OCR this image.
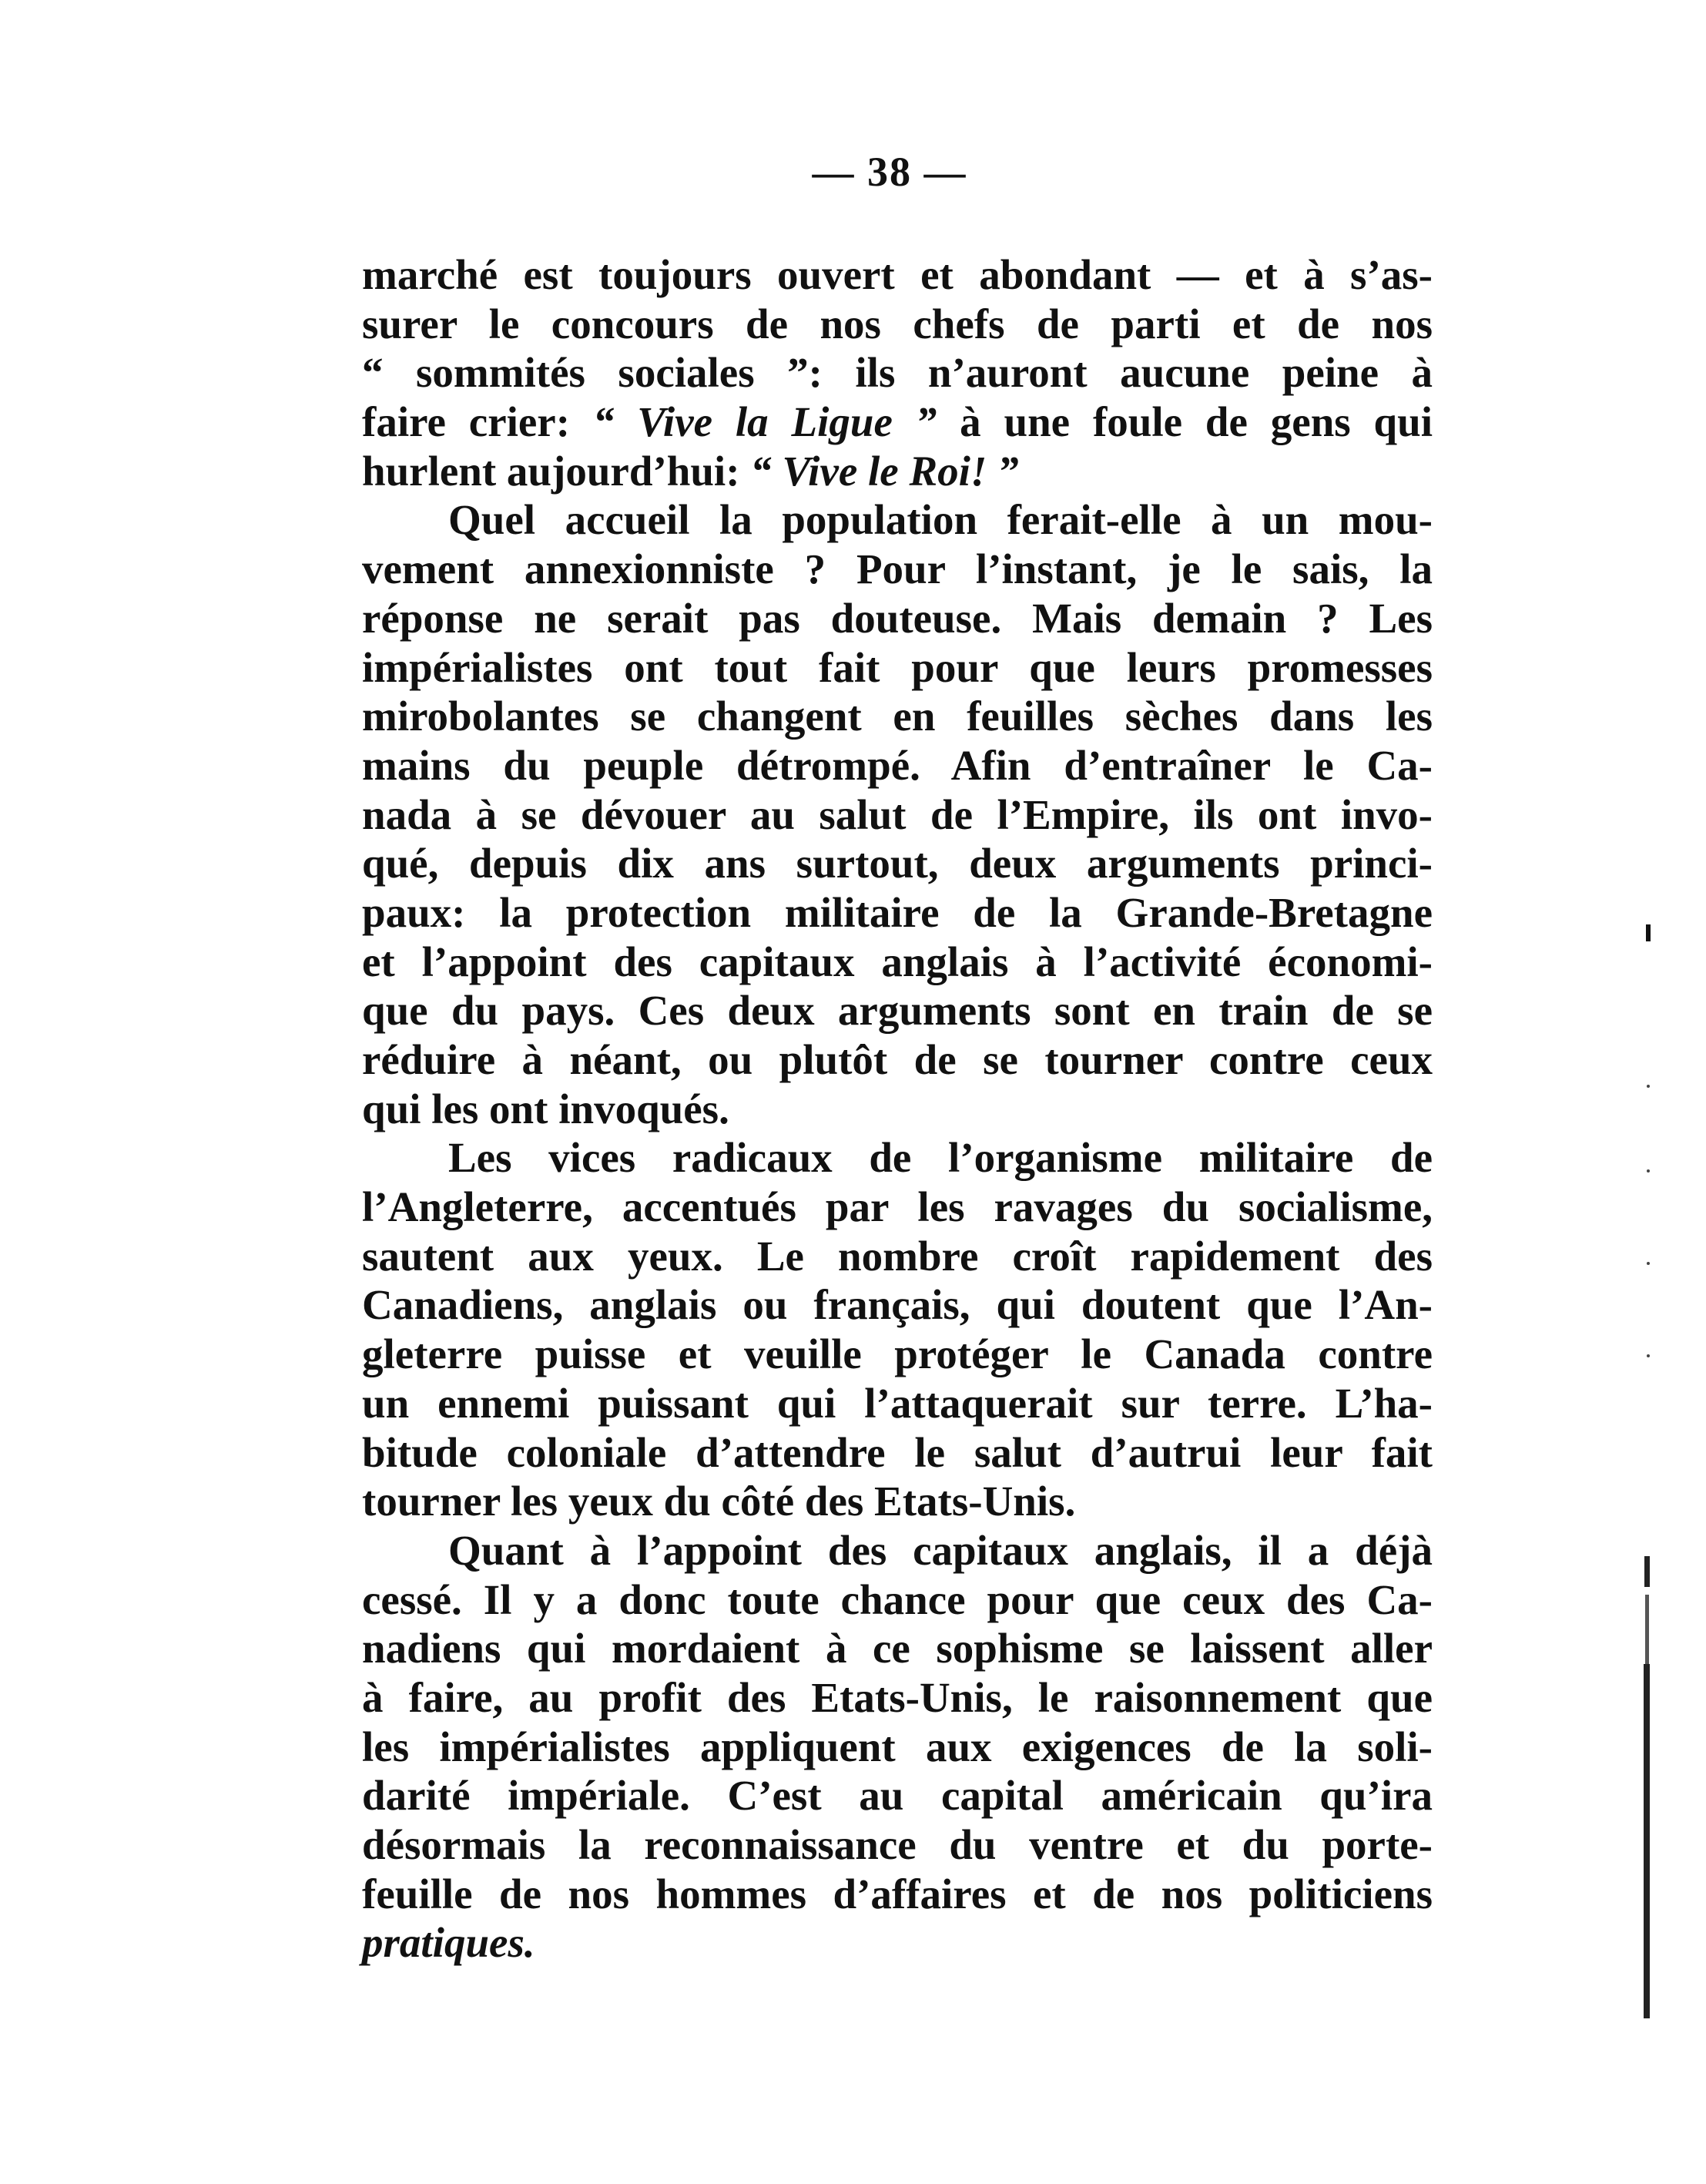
— 38 —
marché est toujours ouvert et abondant — et à s’as-
surer le concours de nos chefs de parti et de nos
“ sommités sociales ”: ils n’auront aucune peine à
faire crier: “ Vive la Ligue ” à une foule de gens qui
hurlent aujourd’hui: “ Vive le Roi! ”
Quel accueil la population ferait-elle à un mou-
vement annexionniste ? Pour l’instant, je le sais, la
réponse ne serait pas douteuse. Mais demain ? Les
impérialistes ont tout fait pour que leurs promesses
mirobolantes se changent en feuilles sèches dans les
mains du peuple détrompé. Afin d’entraîner le Ca-
nada à se dévouer au salut de l’Empire, ils ont invo-
qué, depuis dix ans surtout, deux arguments princi-
paux: la protection militaire de la Grande-Bretagne
et l’appoint des capitaux anglais à l’activité économi-
que du pays. Ces deux arguments sont en train de se
réduire à néant, ou plutôt de se tourner contre ceux
qui les ont invoqués.
Les vices radicaux de l’organisme militaire de
l’Angleterre, accentués par les ravages du socialisme,
sautent aux yeux. Le nombre croît rapidement des
Canadiens, anglais ou français, qui doutent que l’An-
gleterre puisse et veuille protéger le Canada contre
un ennemi puissant qui l’attaquerait sur terre. L’ha-
bitude coloniale d’attendre le salut d’autrui leur fait
tourner les yeux du côté des Etats-Unis.
Quant à l’appoint des capitaux anglais, il a déjà
cessé. Il y a donc toute chance pour que ceux des Ca-
nadiens qui mordaient à ce sophisme se laissent aller
à faire, au profit des Etats-Unis, le raisonnement que
les impérialistes appliquent aux exigences de la soli-
darité impériale. C’est au capital américain qu’ira
désormais la reconnaissance du ventre et du porte-
feuille de nos hommes d’affaires et de nos politiciens
pratiques.
